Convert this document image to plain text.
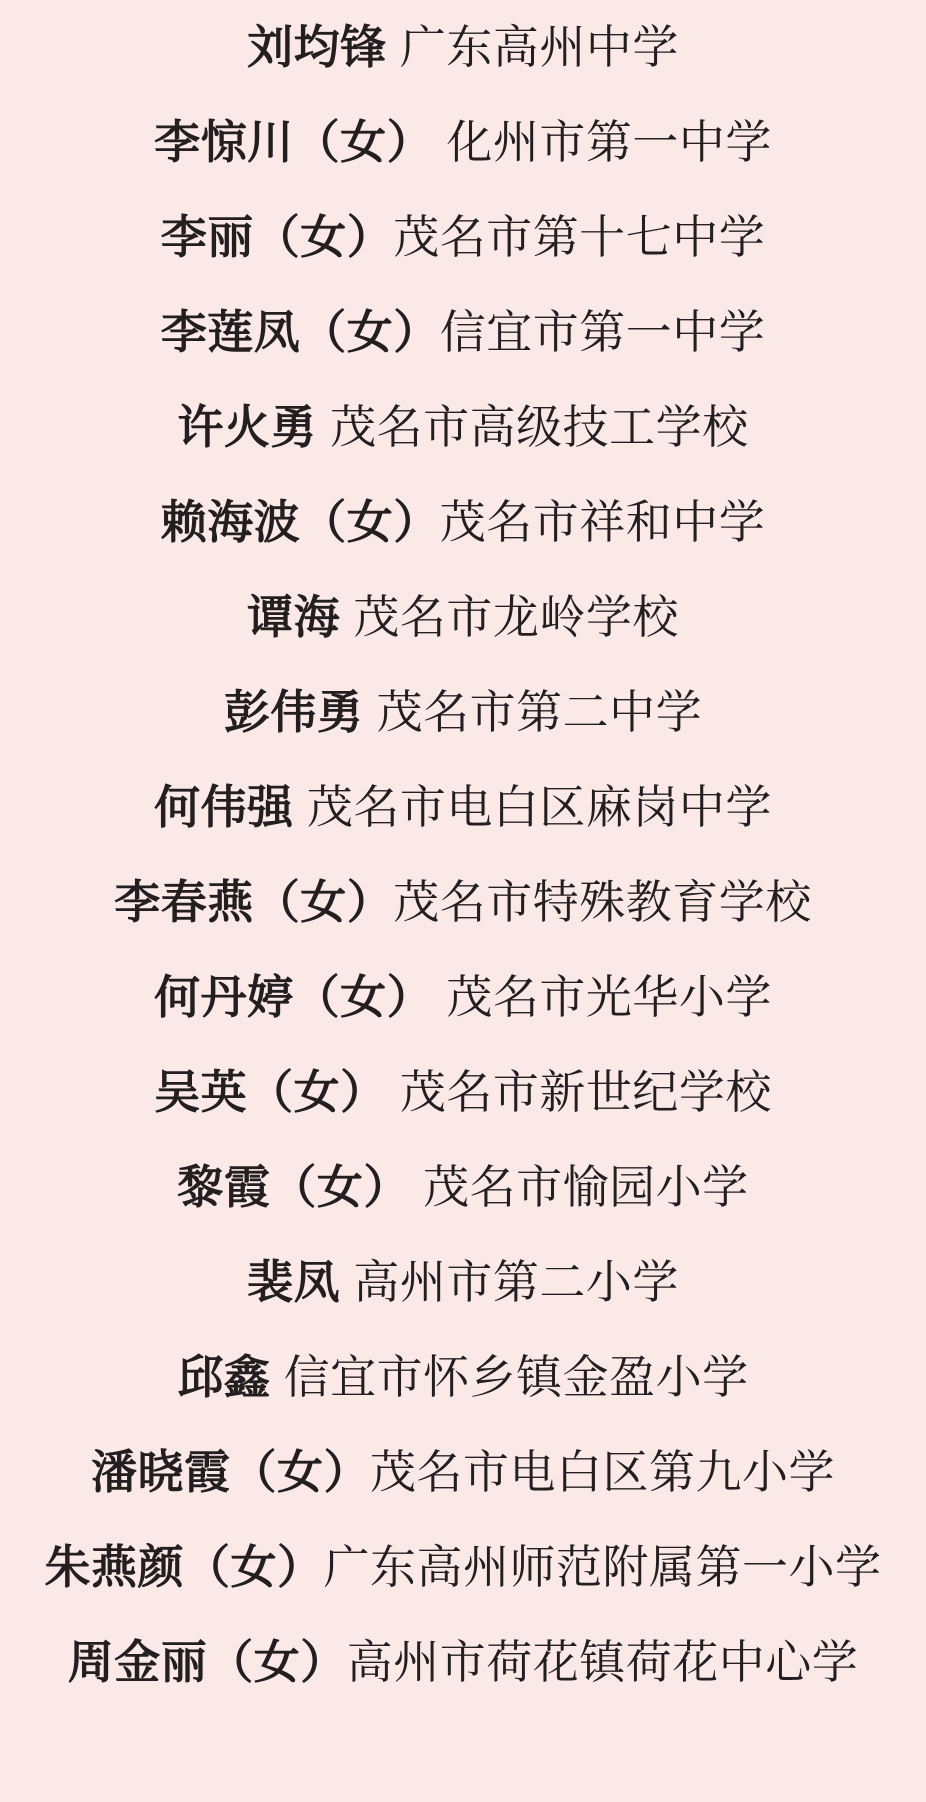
刘均锋 广东高州中学
李惊川（女） 化州市第一中学
李丽（女）茂名市第十七中学
李莲凤（女）信宜市第一中学
许火勇 茂名市高级技工学校
赖海波（女）茂名市祥和中学
谭海 茂名市龙岭学校
彭伟勇 茂名市第二中学
何伟强 茂名市电白区麻岗中学
李春燕（女）茂名市特殊教育学校
何丹婷（女） 茂名市光华小学
吴英（女） 茂名市新世纪学校
黎霞（女） 茂名市愉园小学
裴凤 高州市第二小学
邱鑫 信宜市怀乡镇金盈小学
潘晓霞（女）茂名市电白区第九小学
朱燕颜（女）广东高州师范附属第一小学
周金丽（女）高州市荷花镇荷花中心学
